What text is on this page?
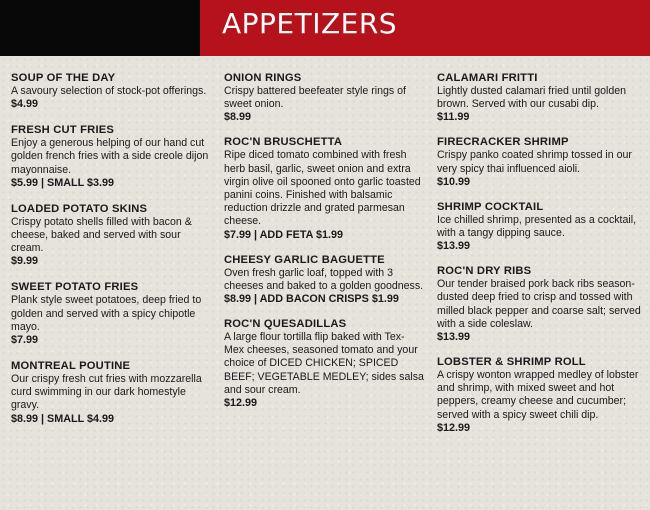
APPETIZERS
SOUP OF THE DAY
A savoury selection of stock-pot offerings.
$4.99
FRESH CUT FRIES
Enjoy a generous helping of our hand cut golden french fries with a side creole dijon mayonnaise.
$5.99 | SMALL $3.99
LOADED POTATO SKINS
Crispy potato shells filled with bacon & cheese, baked and served with sour cream.
$9.99
SWEET POTATO FRIES
Plank style sweet potatoes, deep fried to golden and served with a spicy chipotle mayo.
$7.99
MONTREAL POUTINE
Our crispy fresh cut fries with mozzarella curd swimming in our dark homestyle gravy.
$8.99 | SMALL $4.99
ONION RINGS
Crispy battered beefeater style rings of sweet onion.
$8.99
ROC'N BRUSCHETTA
Ripe diced tomato combined with fresh herb basil, garlic, sweet onion and extra virgin olive oil spooned onto garlic toasted panini coins. Finished with balsamic reduction drizzle and grated parmesan cheese.
$7.99 | ADD FETA $1.99
CHEESY GARLIC BAGUETTE
Oven fresh garlic loaf, topped with 3 cheeses and baked to a golden goodness.
$8.99 | ADD BACON CRISPS $1.99
ROC'N QUESADILLAS
A large flour tortilla flip baked with Tex-Mex cheeses, seasoned tomato and your choice of DICED CHICKEN; SPICED BEEF; VEGETABLE MEDLEY; sides salsa and sour cream.
$12.99
CALAMARI FRITTI
Lightly dusted calamari fried until golden brown. Served with our cusabi dip.
$11.99
FIRECRACKER SHRIMP
Crispy panko coated shrimp tossed in our very spicy thai influenced aioli.
$10.99
SHRIMP COCKTAIL
Ice chilled shrimp, presented as a cocktail, with a tangy dipping sauce.
$13.99
ROC'N DRY RIBS
Our tender braised pork back ribs season-dusted deep fried to crisp and tossed with milled black pepper and coarse salt; served with a side coleslaw.
$13.99
LOBSTER & SHRIMP ROLL
A crispy wonton wrapped medley of lobster and shrimp, with mixed sweet and hot peppers, creamy cheese and cucumber; served with a spicy sweet chili dip.
$12.99
